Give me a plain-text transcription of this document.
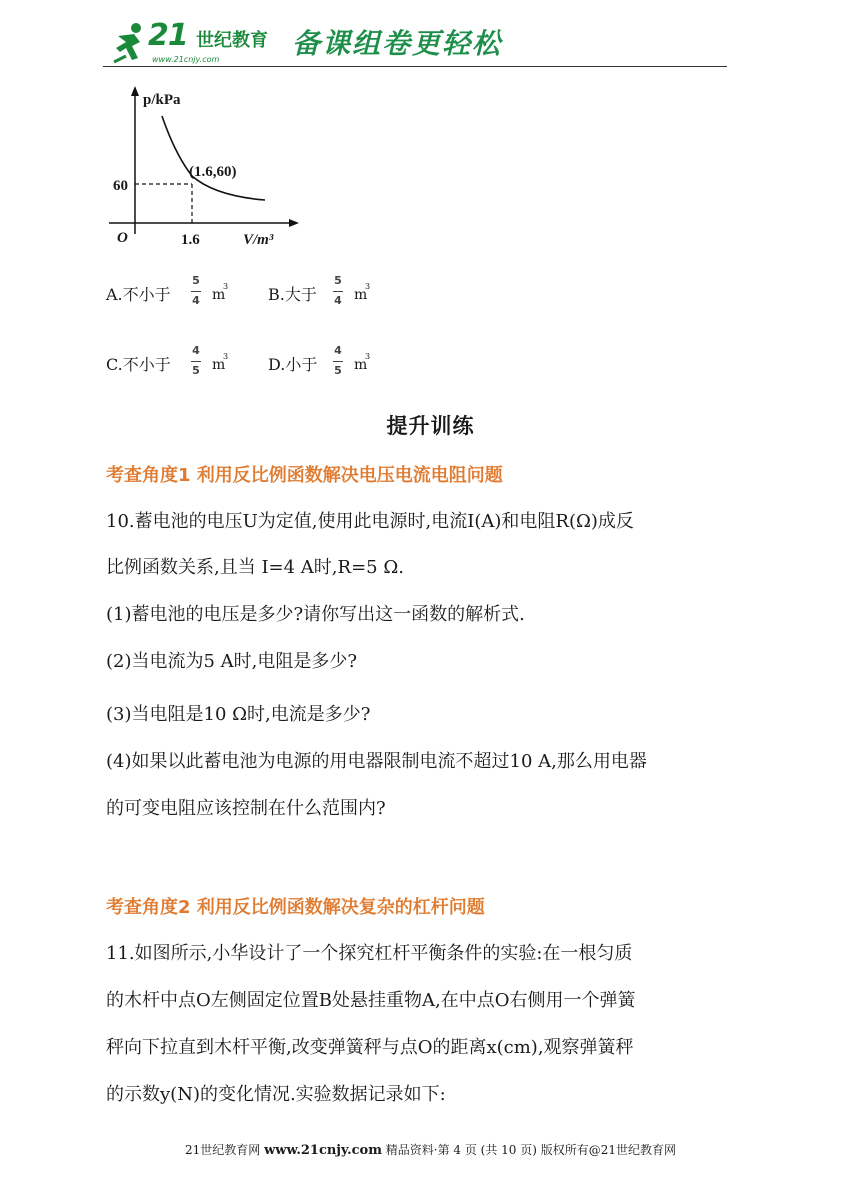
21 世纪教育
www.21cnjy.com	备课组卷更轻松
p/kPa
(1.6,60)
60
O	1.6	V/m³
A.不小于
5
4 m
3 B.大于
5
4 m
3
C.不小于
4
5 m
3 D.小于
4
5 m
3
提升训练
考查角度1 利用反比例函数解决电压电流电阻问题
10.蓄电池的电压U为定值,使用此电源时,电流I(A)和电阻R(Ω)成反
比例函数关系,且当 I=4 A时,R=5 Ω.
(1)蓄电池的电压是多少?请你写出这一函数的解析式.
(2)当电流为5 A时,电阻是多少?
(3)当电阻是10 Ω时,电流是多少?
(4)如果以此蓄电池为电源的用电器限制电流不超过10 A,那么用电器
的可变电阻应该控制在什么范围内?
考查角度2 利用反比例函数解决复杂的杠杆问题
11.如图所示,小华设计了一个探究杠杆平衡条件的实验:在一根匀质
的木杆中点O左侧固定位置B处悬挂重物A,在中点O右侧用一个弹簧
秤向下拉直到木杆平衡,改变弹簧秤与点O的距离x(cm),观察弹簧秤
的示数y(N)的变化情况.实验数据记录如下:
21世纪教育网 www.21cnjy.com 精品资料·第 4 页 (共 10 页) 版权所有@21世纪教育网
